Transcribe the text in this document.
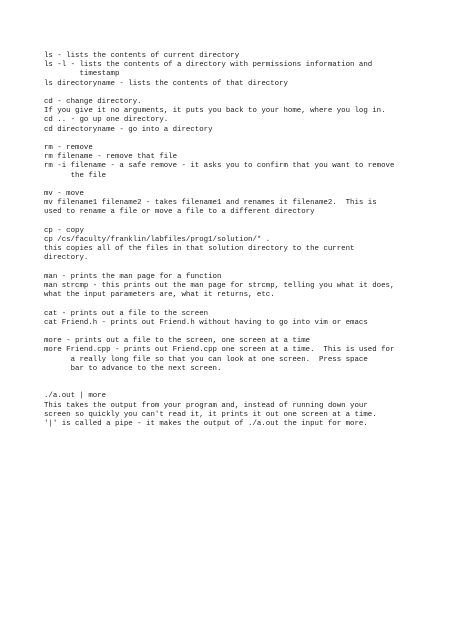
ls - lists the contents of current directory
ls -l - lists the contents of a directory with permissions information and
timestamp
ls directoryname - lists the contents of that directory
cd - change directory.
If you give it no arguments, it puts you back to your home, where you log in.
cd .. - go up one directory.
cd directoryname - go into a directory
rm - remove
rm filename - remove that file
rm -i filename - a safe remove - it asks you to confirm that you want to remove
the file
mv - move
mv filename1 filename2 - takes filename1 and renames it filename2.  This is
used to rename a file or move a file to a different directory
cp - copy
cp /cs/faculty/franklin/labfiles/prog1/solution/* .
this copies all of the files in that solution directory to the current
directory.
man - prints the man page for a function
man strcmp - this prints out the man page for strcmp, telling you what it does,
what the input parameters are, what it returns, etc.
cat - prints out a file to the screen
cat Friend.h - prints out Friend.h without having to go into vim or emacs
more - prints out a file to the screen, one screen at a time
more Friend.cpp - prints out Friend.cpp one screen at a time.  This is used for
a really long file so that you can look at one screen.  Press space
bar to advance to the next screen.

./a.out | more
This takes the output from your program and, instead of running down your
screen so quickly you can't read it, it prints it out one screen at a time.
'|' is called a pipe - it makes the output of ./a.out the input for more.
